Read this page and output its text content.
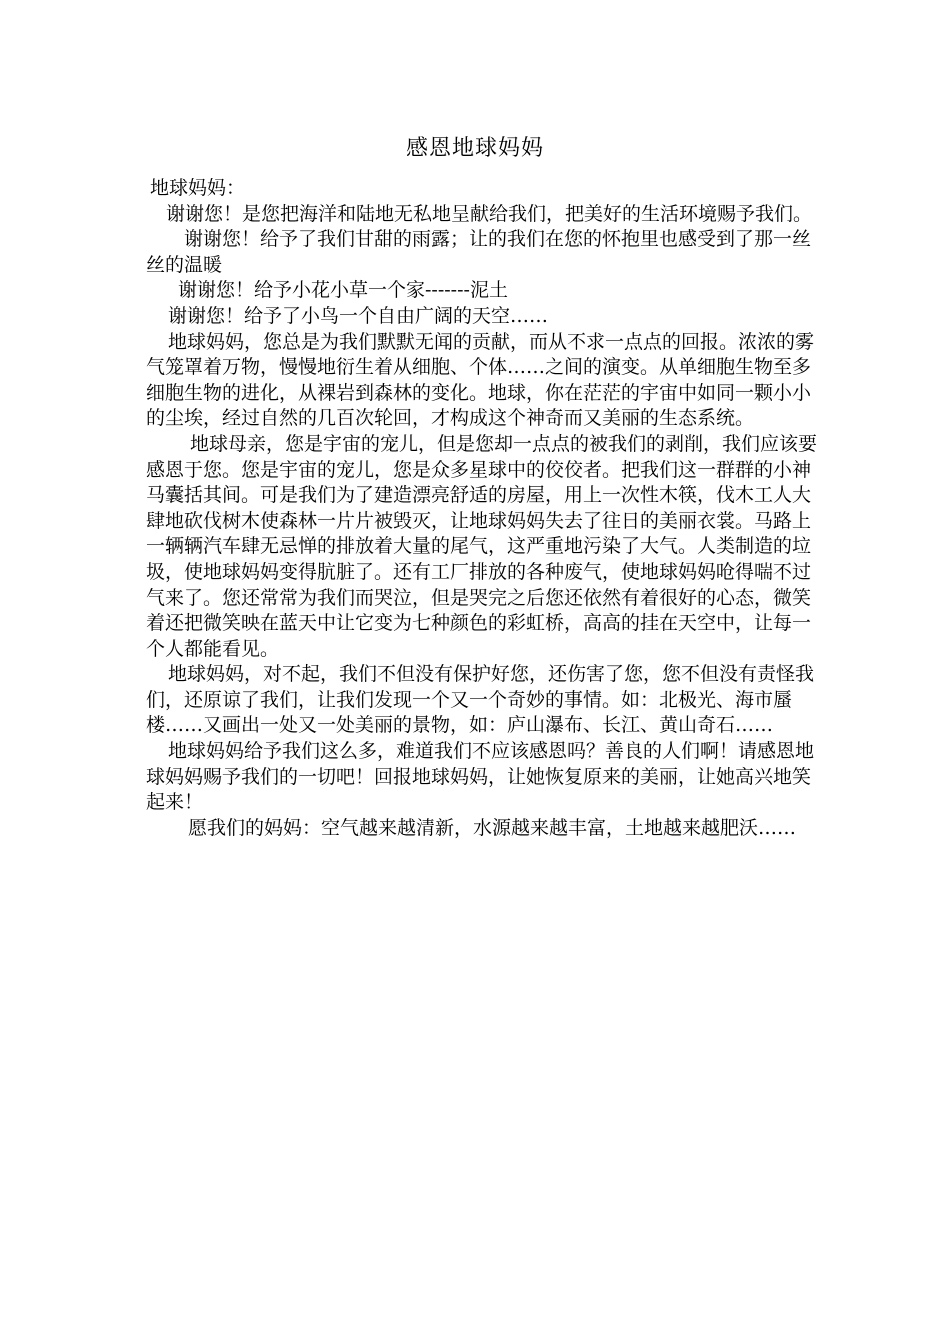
感恩地球妈妈

地球妈妈：

谢谢您！是您把海洋和陆地无私地呈献给我们，把美好的生活环境赐予我们。

谢谢您！给予了我们甘甜的雨露；让的我们在您的怀抱里也感受到了那一丝丝的温暖

谢谢您！给予小花小草一个家-------泥土

谢谢您！给予了小鸟一个自由广阔的天空……

地球妈妈，您总是为我们默默无闻的贡献，而从不求一点点的回报。浓浓的雾气笼罩着万物，慢慢地衍生着从细胞、个体……之间的演变。从单细胞生物至多细胞生物的进化，从裸岩到森林的变化。地球，你在茫茫的宇宙中如同一颗小小的尘埃，经过自然的几百次轮回，才构成这个神奇而又美丽的生态系统。

地球母亲，您是宇宙的宠儿，但是您却一点点的被我们的剥削，我们应该要感恩于您。您是宇宙的宠儿，您是众多星球中的佼佼者。把我们这一群群的小神马囊括其间。可是我们为了建造漂亮舒适的房屋，用上一次性木筷，伐木工人大肆地砍伐树木使森林一片片被毁灭，让地球妈妈失去了往日的美丽衣裳。马路上一辆辆汽车肆无忌惮的排放着大量的尾气，这严重地污染了大气。人类制造的垃圾，使地球妈妈变得肮脏了。还有工厂排放的各种废气，使地球妈妈呛得喘不过气来了。您还常常为我们而哭泣，但是哭完之后您还依然有着很好的心态，微笑着还把微笑映在蓝天中让它变为七种颜色的彩虹桥，高高的挂在天空中，让每一个人都能看见。

地球妈妈，对不起，我们不但没有保护好您，还伤害了您，您不但没有责怪我们，还原谅了我们，让我们发现一个又一个奇妙的事情。如：北极光、海市蜃楼……又画出一处又一处美丽的景物，如：庐山瀑布、长江、黄山奇石……

地球妈妈给予我们这么多，难道我们不应该感恩吗？善良的人们啊！请感恩地球妈妈赐予我们的一切吧！回报地球妈妈，让她恢复原来的美丽，让她高兴地笑起来！

愿我们的妈妈：空气越来越清新，水源越来越丰富，土地越来越肥沃……
